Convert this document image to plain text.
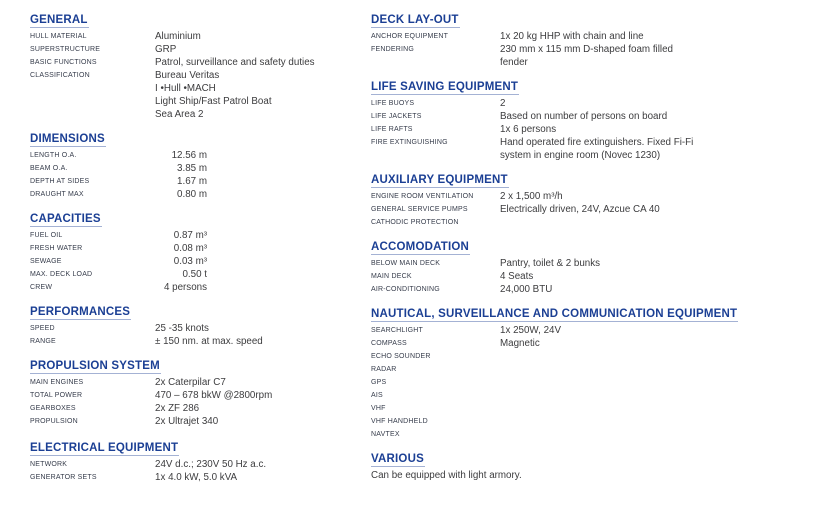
GENERAL
HULL MATERIAL	Aluminium
SUPERSTRUCTURE	GRP
BASIC FUNCTIONS	Patrol, surveillance and safety duties
CLASSIFICATION	Bureau Veritas
I •Hull •MACH
Light Ship/Fast Patrol Boat
Sea Area 2
DIMENSIONS
LENGTH O.A.	12.56 m
BEAM O.A.	3.85 m
DEPTH AT SIDES	1.67 m
DRAUGHT MAX	0.80 m
CAPACITIES
FUEL OIL	0.87 m³
FRESH WATER	0.08 m³
SEWAGE	0.03 m³
MAX. DECK LOAD	0.50 t
CREW	4 persons
PERFORMANCES
SPEED	25 -35 knots
RANGE	± 150 nm. at max. speed
PROPULSION SYSTEM
MAIN ENGINES	2x Caterpilar C7
TOTAL POWER	470 – 678 bkW @2800rpm
GEARBOXES	2x ZF 286
PROPULSION	2x Ultrajet 340
ELECTRICAL EQUIPMENT
NETWORK	24V d.c.; 230V 50 Hz a.c.
GENERATOR SETS	1x 4.0 kW, 5.0 kVA
DECK LAY-OUT
ANCHOR EQUIPMENT	1x 20 kg HHP with chain and line
FENDERING	230 mm x 115 mm D-shaped foam filled
fender
LIFE SAVING EQUIPMENT
LIFE BUOYS	2
LIFE JACKETS	Based on number of persons on board
LIFE RAFTS	1x 6 persons
FIRE EXTINGUISHING	Hand operated fire extinguishers. Fixed Fi-Fi
system in engine room (Novec 1230)
AUXILIARY EQUIPMENT
ENGINE ROOM VENTILATION	2 x 1,500 m³/h
GENERAL SERVICE PUMPS	Electrically driven, 24V, Azcue CA 40
CATHODIC PROTECTION
ACCOMODATION
BELOW MAIN DECK	Pantry, toilet & 2 bunks
MAIN DECK	4 Seats
AIR-CONDITIONING	24,000 BTU
NAUTICAL, SURVEILLANCE AND COMMUNICATION EQUIPMENT
SEARCHLIGHT	1x 250W, 24V
COMPASS	Magnetic
ECHO SOUNDER
RADAR
GPS
AIS
VHF
VHF HANDHELD
NAVTEX
VARIOUS
Can be equipped with light armory.
